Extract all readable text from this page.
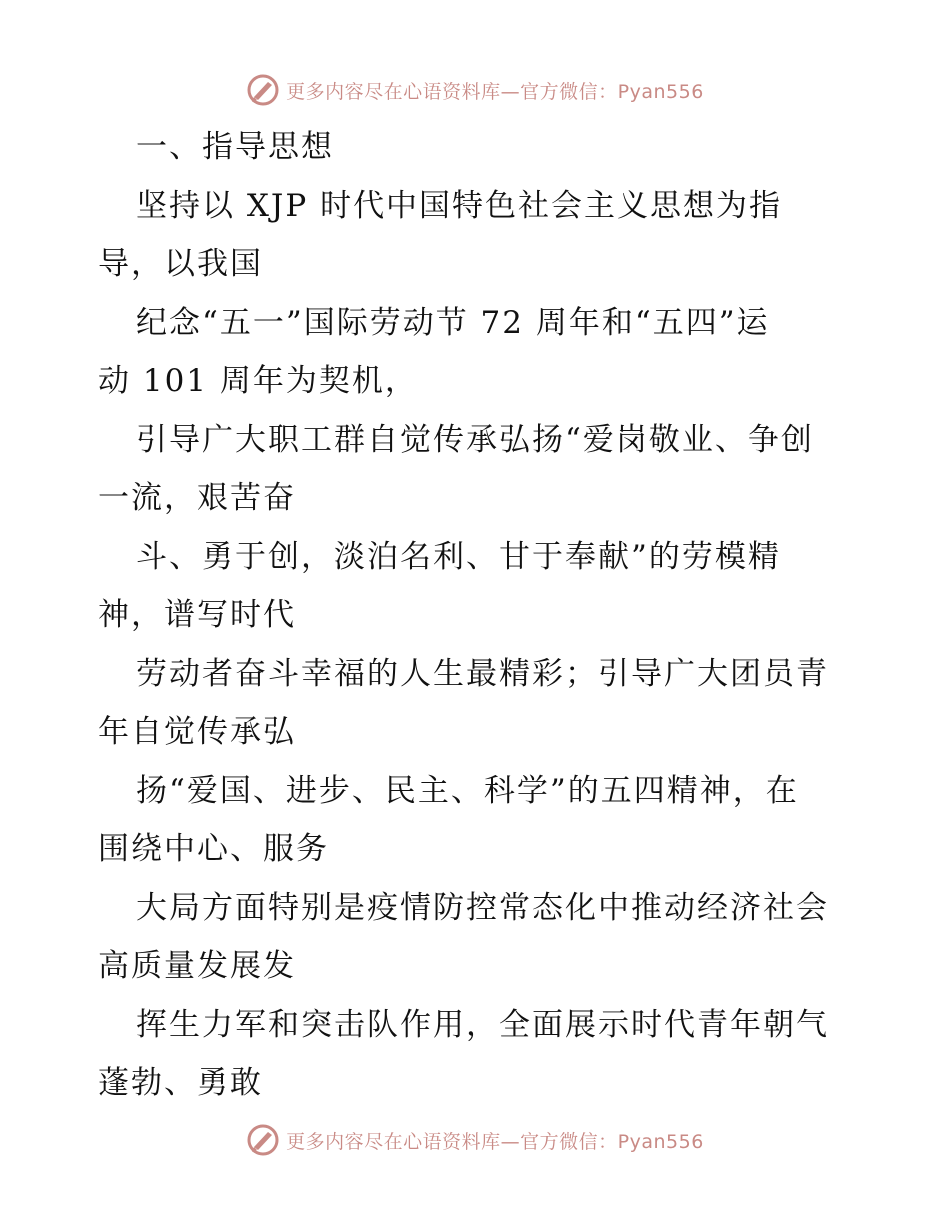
更多内容尽在心语资料库—官方微信：Pyan556
一、指导思想
坚持以 XJP 时代中国特色社会主义思想为指
导，以我国
纪念“五一”国际劳动节 72 周年和“五四”运
动 101 周年为契机，
引导广大职工群自觉传承弘扬“爱岗敬业、争创
一流，艰苦奋
斗、勇于创，淡泊名利、甘于奉献”的劳模精
神，谱写时代
劳动者奋斗幸福的人生最精彩；引导广大团员青
年自觉传承弘
扬“爱国、进步、民主、科学”的五四精神，在
围绕中心、服务
大局方面特别是疫情防控常态化中推动经济社会
高质量发展发
挥生力军和突击队作用，全面展示时代青年朝气
蓬勃、勇敢
更多内容尽在心语资料库—官方微信：Pyan556
